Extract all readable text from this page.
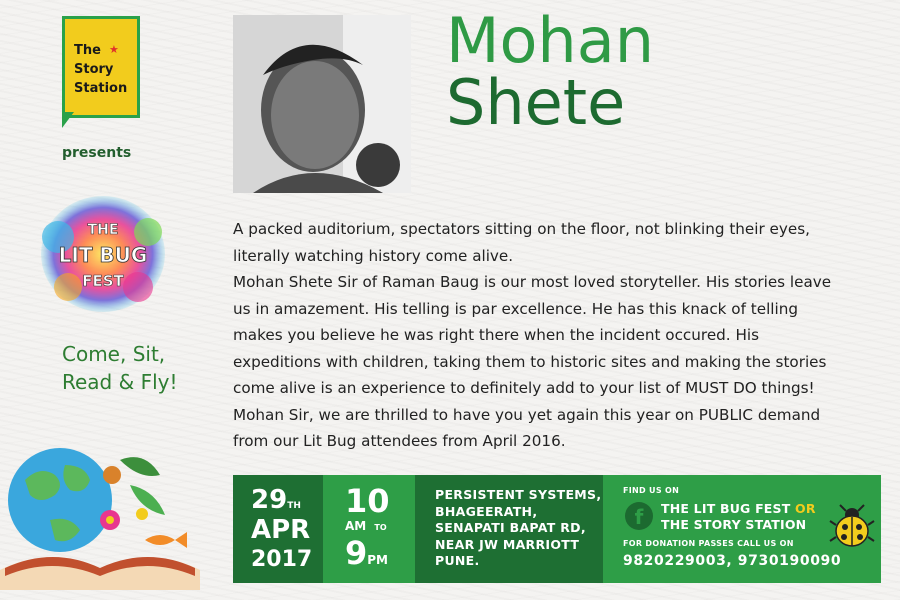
The
Story
Station
★
presents
THE
LIT BUG
FEST
Come, Sit,
Read & Fly!
Mohan
Shete

A packed auditorium, spectators sitting on the floor, not blinking their eyes, literally watching history come alive.

Mohan Shete Sir of Raman Baug is our most loved storyteller. His stories leave us in amazement. His telling is par excellence. He has this knack of telling makes you believe he was right there when the incident occured. His expeditions with children, taking them to historic sites and making the stories come alive is an experience to definitely add to your list of MUST DO things! Mohan Sir, we are thrilled to have you yet again this year on PUBLIC demand from our Lit Bug attendees from April 2016.

29TH
APR
2017
10
AM TO
9PM
PERSISTENT SYSTEMS,
BHAGEERATH,
SENAPATI BAPAT RD,
NEAR JW MARRIOTT
PUNE.
FIND US ON
f	THE LIT BUG FEST OR
THE STORY STATION
FOR DONATION PASSES CALL US ON
9820229003, 9730190090
